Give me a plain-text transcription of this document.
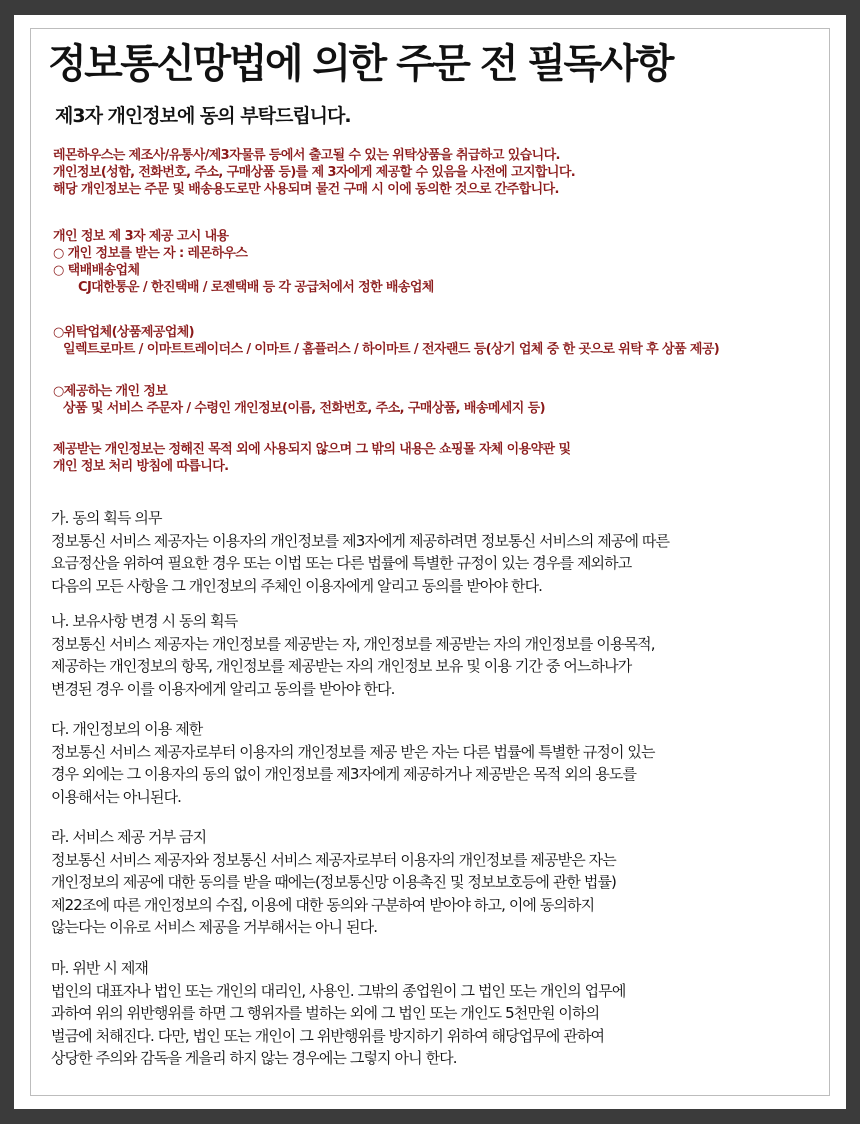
정보통신망법에 의한 주문 전 필독사항
제3자 개인정보에 동의 부탁드립니다.
레몬하우스는 제조사/유통사/제3자물류 등에서 출고될 수 있는 위탁상품을 취급하고 있습니다.
개인정보(성함, 전화번호, 주소, 구매상품 등)를 제 3자에게 제공할 수 있음을 사전에 고지합니다.
해당 개인정보는 주문 및 배송용도로만 사용되며 물건 구매 시 이에 동의한 것으로 간주합니다.
개인 정보 제 3자 제공 고시 내용
○ 개인 정보를 받는 자 : 레몬하우스
○ 택배배송업체
CJ대한통운 / 한진택배 / 로젠택배 등 각 공급처에서 정한 배송업체
○위탁업체(상품제공업체)
일렉트로마트 / 이마트트레이더스 / 이마트 / 홈플러스 / 하이마트 / 전자랜드 등(상기 업체 중 한 곳으로 위탁 후 상품 제공)
○제공하는 개인 정보
상품 및 서비스 주문자 / 수령인 개인정보(이름, 전화번호, 주소, 구매상품, 배송메세지 등)
제공받는 개인정보는 정해진 목적 외에 사용되지 않으며 그 밖의 내용은 쇼핑몰 자체 이용약관 및
개인 정보 처리 방침에 따릅니다.
가. 동의 획득 의무
정보통신 서비스 제공자는 이용자의 개인정보를 제3자에게 제공하려면 정보통신 서비스의 제공에 따른
요금정산을 위하여 필요한 경우 또는 이법 또는 다른 법률에 특별한 규정이 있는 경우를 제외하고
다음의 모든 사항을 그 개인정보의 주체인 이용자에게 알리고 동의를 받아야 한다.
나. 보유사항 변경 시 동의 획득
정보통신 서비스 제공자는 개인정보를 제공받는 자, 개인정보를 제공받는 자의 개인정보를 이용목적,
제공하는 개인정보의 항목, 개인정보를 제공받는 자의 개인정보 보유 및 이용 기간 중 어느하나가
변경된 경우 이를 이용자에게 알리고 동의를 받아야 한다.
다. 개인정보의 이용 제한
정보통신 서비스 제공자로부터 이용자의 개인정보를 제공 받은 자는 다른 법률에 특별한 규정이 있는
경우 외에는 그 이용자의 동의 없이 개인정보를 제3자에게 제공하거나 제공받은 목적 외의 용도를
이용해서는 아니된다.
라. 서비스 제공 거부 금지
정보통신 서비스 제공자와 정보통신 서비스 제공자로부터 이용자의 개인정보를 제공받은 자는
개인정보의 제공에 대한 동의를 받을 때에는(정보통신망 이용촉진 및 정보보호등에 관한 법률)
제22조에 따른 개인정보의 수집, 이용에 대한 동의와 구분하여 받아야 하고, 이에 동의하지
않는다는 이유로 서비스 제공을 거부해서는 아니 된다.
마. 위반 시 제재
법인의 대표자나 법인 또는 개인의 대리인, 사용인. 그밖의 종업원이 그 법인 또는 개인의 업무에
과하여 위의 위반행위를 하면 그 행위자를 벌하는 외에 그 법인 또는 개인도 5천만원 이하의
벌금에 처해진다. 다만, 법인 또는 개인이 그 위반행위를 방지하기 위하여 해당업무에 관하여
상당한 주의와 감독을 게을리 하지 않는 경우에는 그렇지 아니 한다.
